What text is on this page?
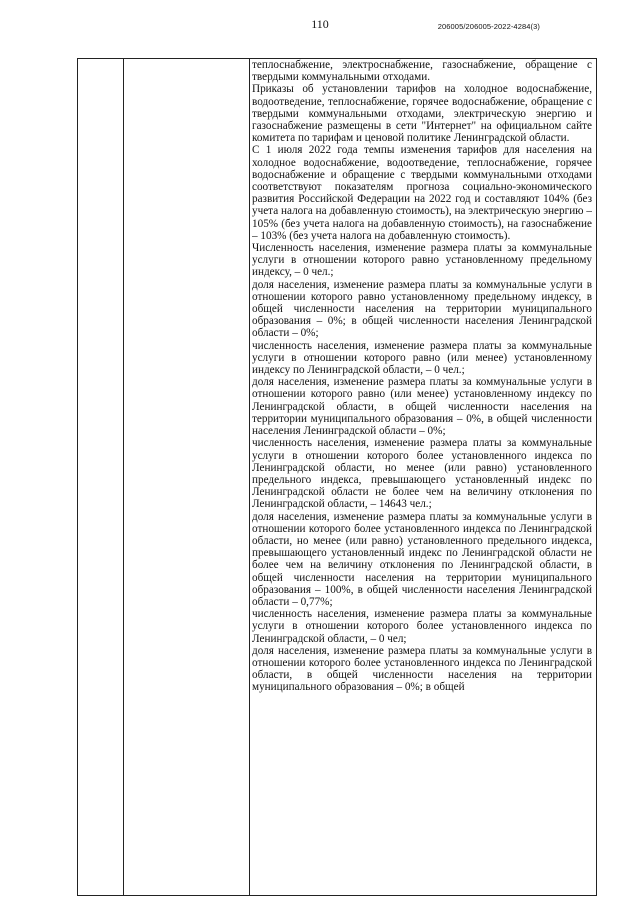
110	206005/206005-2022-4284(3)

теплоснабжение, электроснабжение, газоснабжение, обращение с твердыми коммунальными отходами.

Приказы об установлении тарифов на холодное водоснабжение, водоотведение, теплоснабжение, горячее водоснабжение, обращение с твердыми коммунальными отходами, электрическую энергию и газоснабжение размещены в сети "Интернет" на официальном сайте комитета по тарифам и ценовой политике Ленинградской области.

С 1 июля 2022 года темпы изменения тарифов для населения на холодное водоснабжение, водоотведение, теплоснабжение, горячее водоснабжение и обращение с твердыми коммунальными отходами соответствуют показателям прогноза социально-экономического развития Российской Федерации на 2022 год и составляют 104% (без учета налога на добавленную стоимость), на электрическую энергию – 105% (без учета налога на добавленную стоимость), на газоснабжение – 103% (без учета налога на добавленную стоимость).

Численность населения, изменение размера платы за коммунальные услуги в отношении которого равно установленному предельному индексу, – 0 чел.;

доля населения, изменение размера платы за коммунальные услуги в отношении которого равно установленному предельному индексу, в общей численности населения на территории муниципального образования – 0%; в общей численности населения Ленинградской области – 0%;

численность населения, изменение размера платы за коммунальные услуги в отношении которого равно (или менее) установленному индексу по Ленинградской области, – 0 чел.;

доля населения, изменение размера платы за коммунальные услуги в отношении которого равно (или менее) установленному индексу по Ленинградской области, в общей численности населения на территории муниципального образования – 0%, в общей численности населения Ленинградской области – 0%;

численность населения, изменение размера платы за коммунальные услуги в отношении которого более установленного индекса по Ленинградской области, но менее (или равно) установленного предельного индекса, превышающего установленный индекс по Ленинградской области не более чем на величину отклонения по Ленинградской области, – 14643 чел.;

доля населения, изменение размера платы за коммунальные услуги в отношении которого более установленного индекса по Ленинградской области, но менее (или равно) установленного предельного индекса, превышающего установленный индекс по Ленинградской области не более чем на величину отклонения по Ленинградской области, в общей численности населения на территории муниципального образования – 100%, в общей численности населения Ленинградской области – 0,77%;

численность населения, изменение размера платы за коммунальные услуги в отношении которого более установленного индекса по Ленинградской области, – 0 чел;

доля населения, изменение размера платы за коммунальные услуги в отношении которого более установленного индекса по Ленинградской области, в общей численности населения на территории муниципального образования – 0%; в общей
